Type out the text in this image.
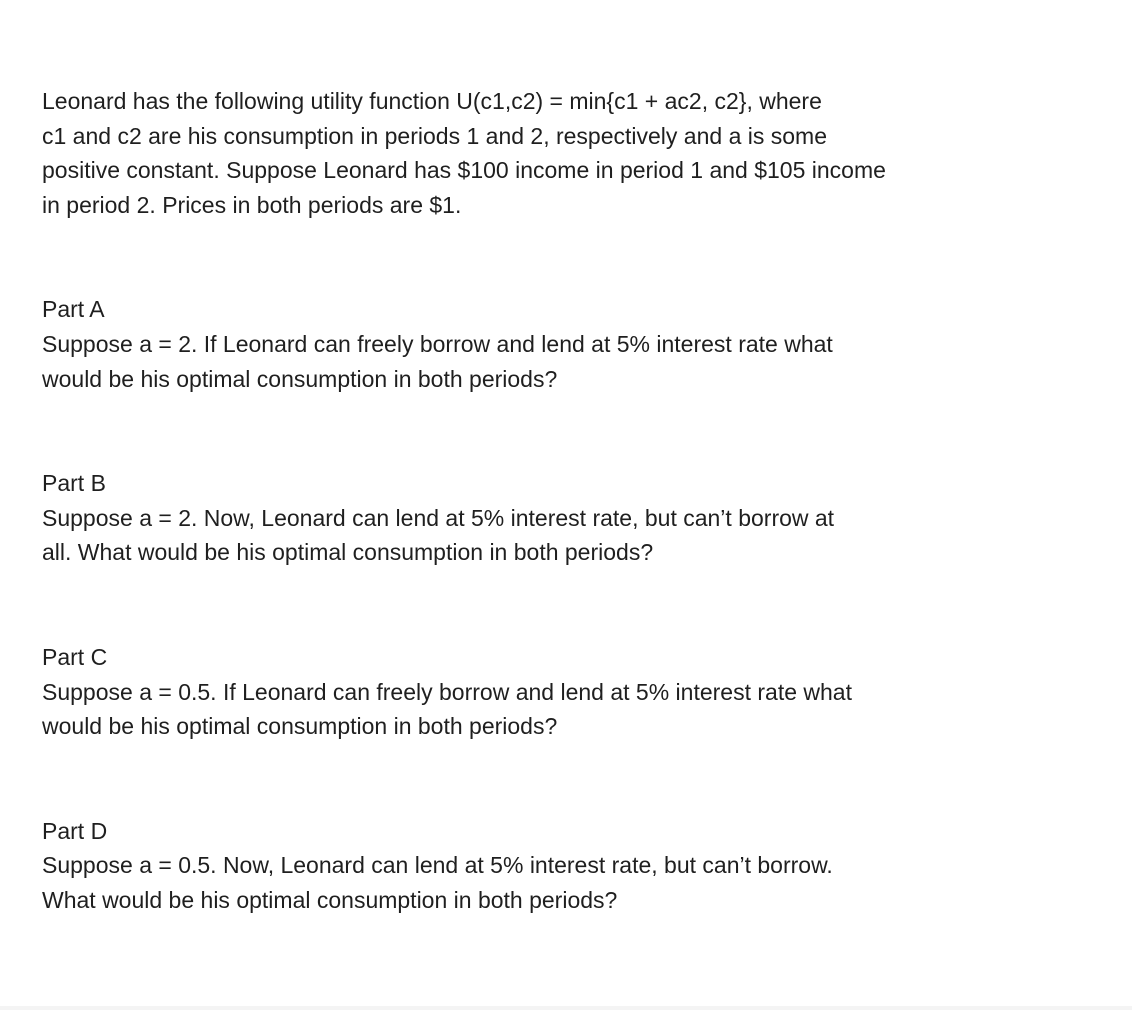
Leonard has the following utility function U(c1,c2) = min{c1 + ac2, c2}, where

c1 and c2 are his consumption in periods 1 and 2, respectively and a is some

positive constant. Suppose Leonard has $100 income in period 1 and $105 income

in period 2. Prices in both periods are $1.

Part A

Suppose a = 2. If Leonard can freely borrow and lend at 5% interest rate what

would be his optimal consumption in both periods?

Part B

Suppose a = 2. Now, Leonard can lend at 5% interest rate, but can’t borrow at

all. What would be his optimal consumption in both periods?

Part C

Suppose a = 0.5. If Leonard can freely borrow and lend at 5% interest rate what

would be his optimal consumption in both periods?

Part D

Suppose a = 0.5. Now, Leonard can lend at 5% interest rate, but can’t borrow.

What would be his optimal consumption in both periods?
